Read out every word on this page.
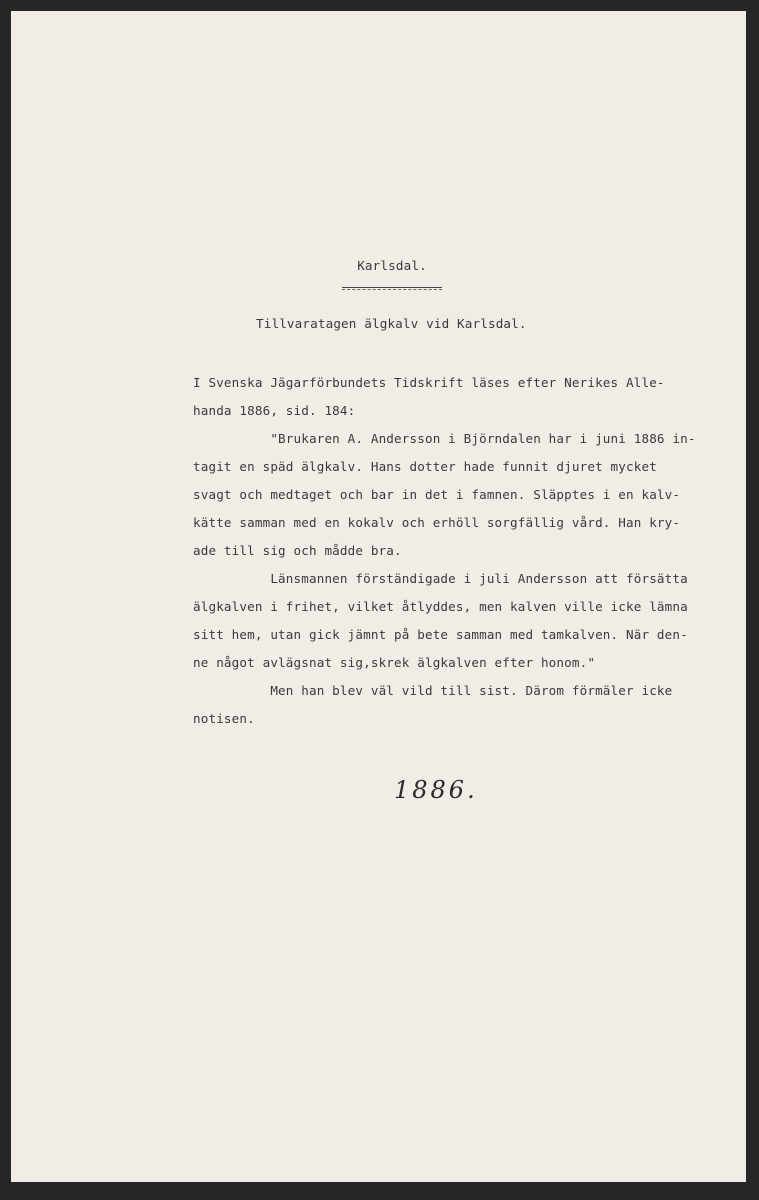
Karlsdal.
Tillvaratagen älgkalv vid Karlsdal.
I Svenska Jägarförbundets Tidskrift läses efter Nerikes Alle-
handa 1886, sid. 184:
"Brukaren A. Andersson i Björndalen har i juni 1886 in-
tagit en späd älgkalv. Hans dotter hade funnit djuret mycket
svagt och medtaget och bar in det i famnen. Släpptes i en kalv-
kätte samman med en kokalv och erhöll sorgfällig vård. Han kry-
ade till sig och mådde bra.
Länsmannen förständigade i juli Andersson att försätta
älgkalven i frihet, vilket åtlyddes, men kalven ville icke lämna
sitt hem, utan gick jämnt på bete samman med tamkalven. När den-
ne något avlägsnat sig,skrek älgkalven efter honom."
Men han blev väl vild till sist. Därom förmäler icke
notisen.
1886.
